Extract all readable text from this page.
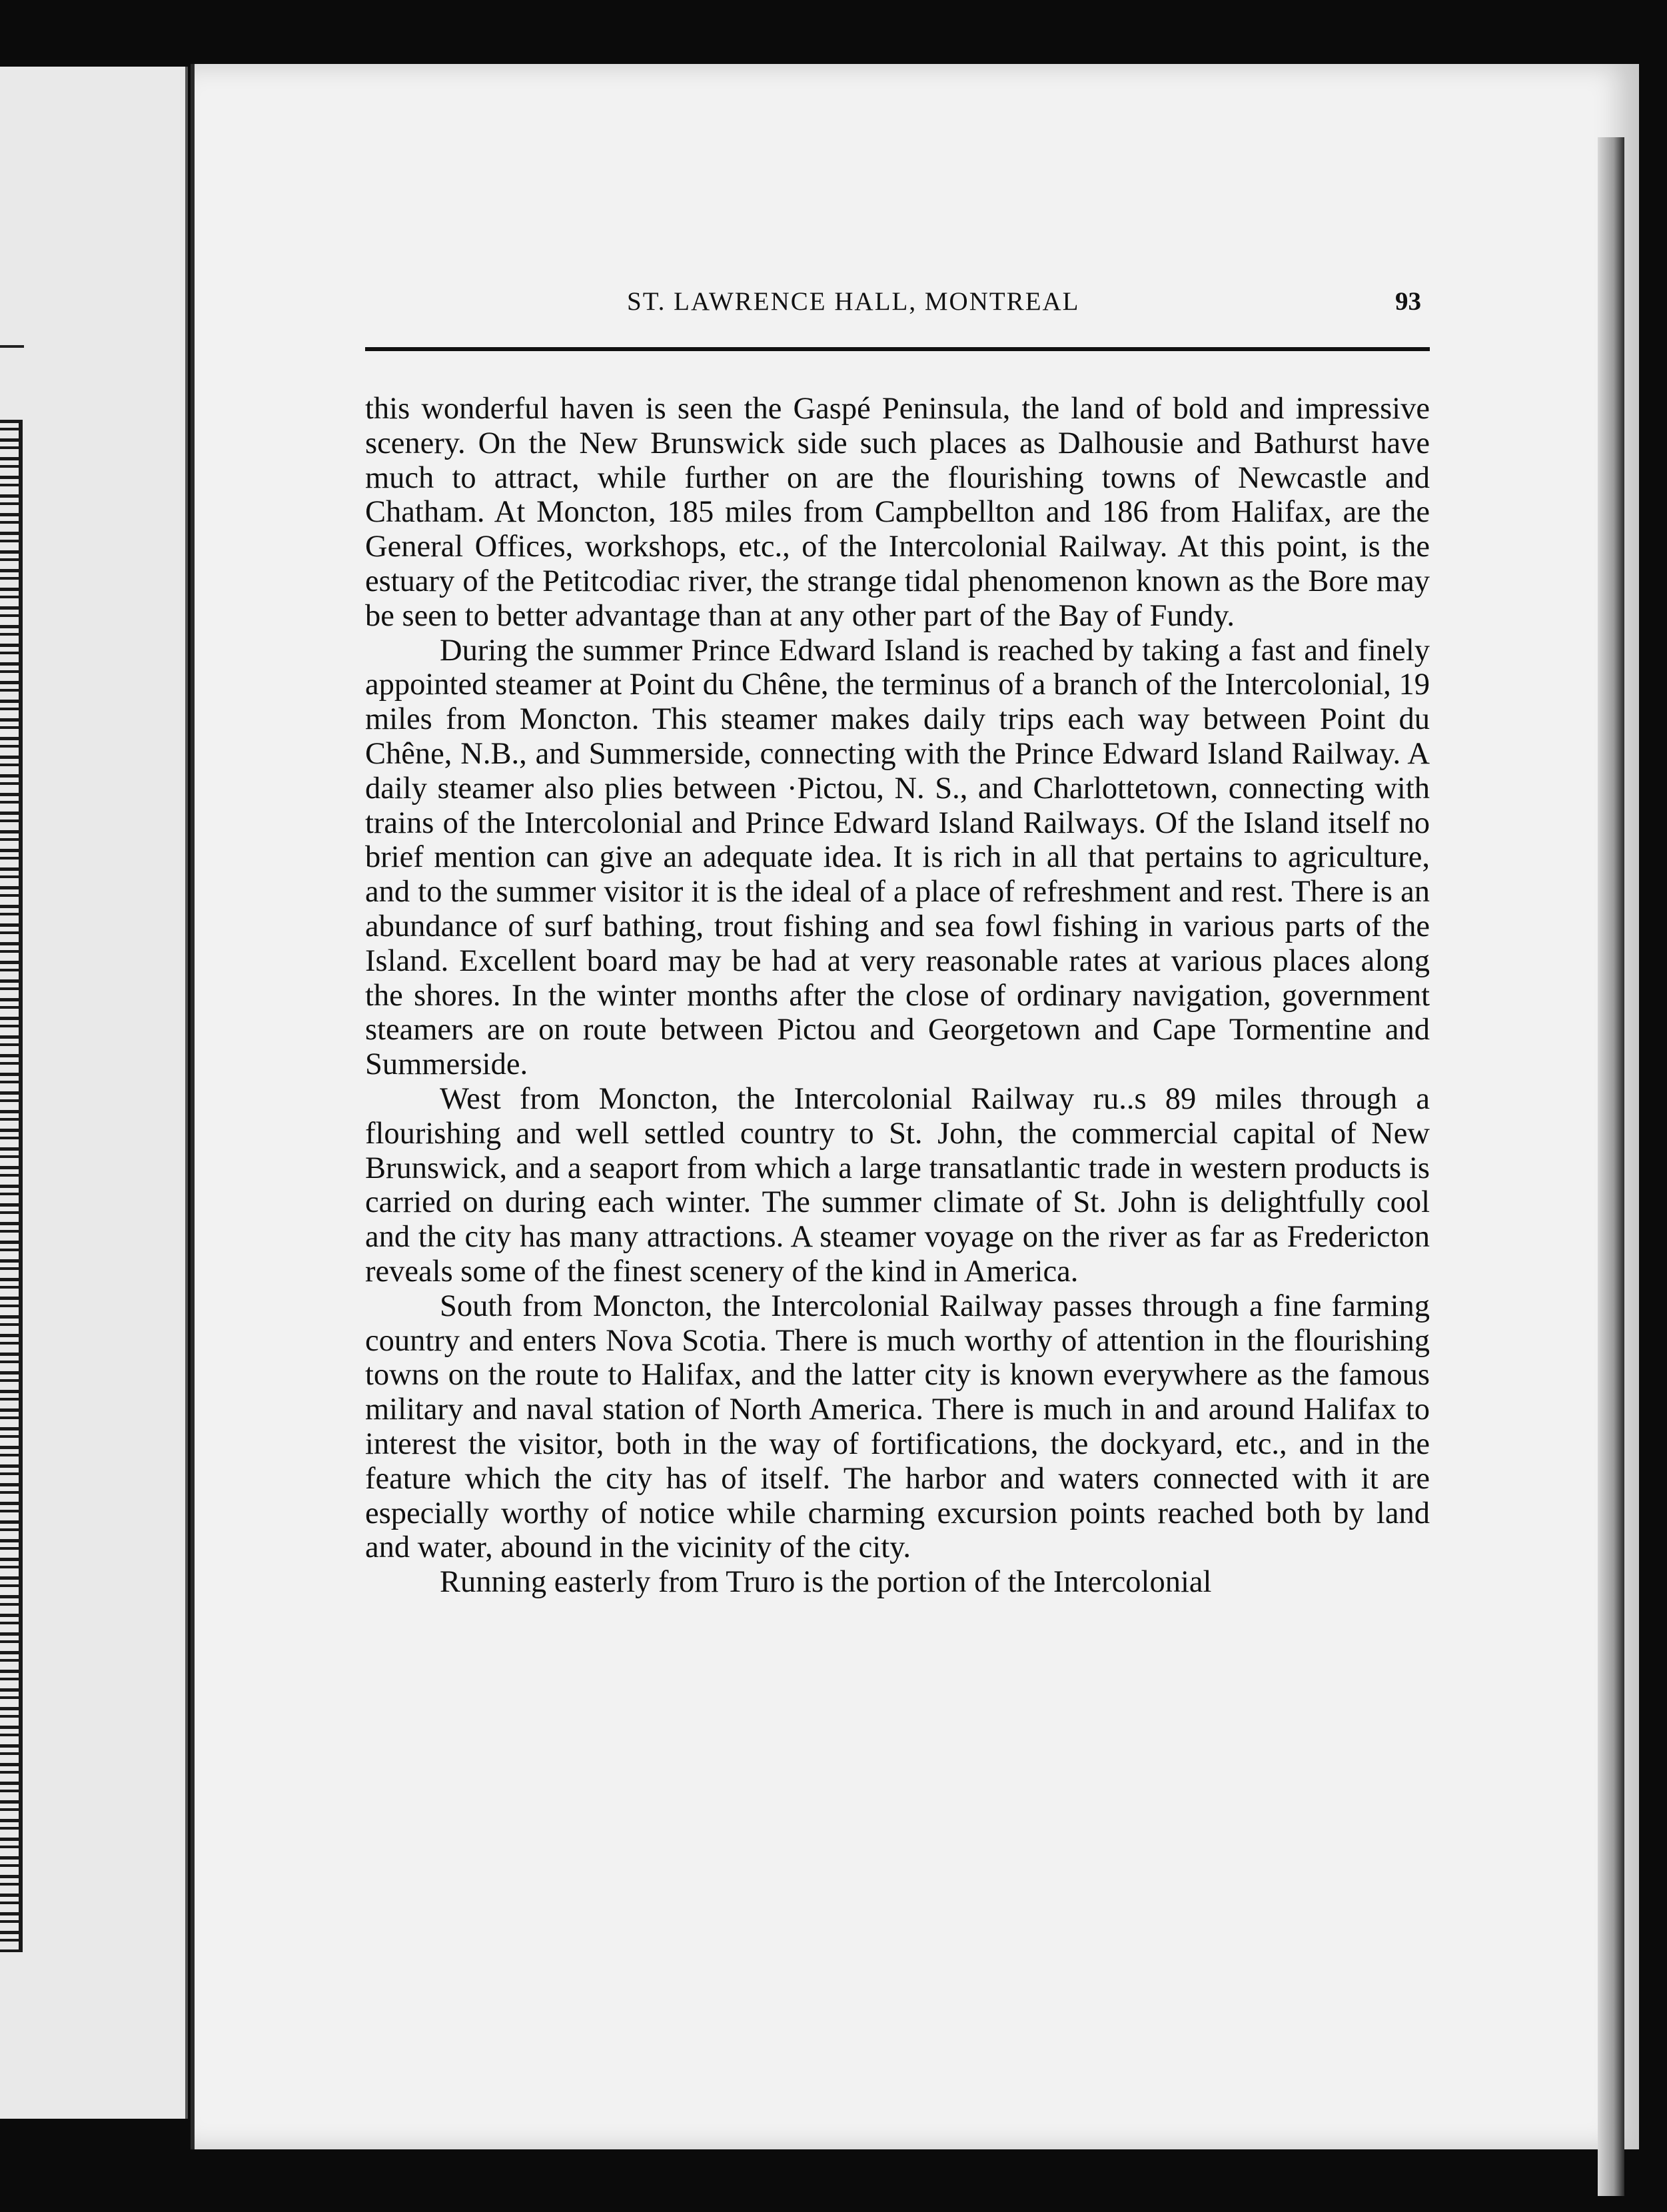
ST. LAWRENCE HALL, MONTREAL	93

this wonderful haven is seen the Gaspé Peninsula, the land of bold and impressive scenery. On the New Brunswick side such places as Dalhousie and Bathurst have much to attract, while further on are the flourishing towns of Newcastle and Chatham. At Moncton, 185 miles from Campbellton and 186 from Halifax, are the General Offices, workshops, etc., of the Intercolonial Railway. At this point, is the estuary of the Petitcodiac river, the strange tidal phenomenon known as the Bore may be seen to better advantage than at any other part of the Bay of Fundy.

During the summer Prince Edward Island is reached by taking a fast and finely appointed steamer at Point du Chêne, the terminus of a branch of the Intercolonial, 19 miles from Moncton. This steamer makes daily trips each way between Point du Chêne, N.B., and Summerside, connecting with the Prince Edward Island Railway. A daily steamer also plies between ·Pictou, N. S., and Charlottetown, connecting with trains of the Intercolonial and Prince Edward Island Railways. Of the Island itself no brief mention can give an adequate idea. It is rich in all that pertains to agriculture, and to the summer visitor it is the ideal of a place of refreshment and rest. There is an abundance of surf bathing, trout fishing and sea fowl fishing in various parts of the Island. Excellent board may be had at very reasonable rates at various places along the shores. In the winter months after the close of ordinary navigation, government steamers are on route between Pictou and Georgetown and Cape Tormentine and Summerside.

West from Moncton, the Intercolonial Railway ru..s 89 miles through a flourishing and well settled country to St. John, the commercial capital of New Brunswick, and a seaport from which a large transatlantic trade in western products is carried on during each winter. The summer climate of St. John is delightfully cool and the city has many attractions. A steamer voyage on the river as far as Fredericton reveals some of the finest scenery of the kind in America.

South from Moncton, the Intercolonial Railway passes through a fine farming country and enters Nova Scotia. There is much worthy of attention in the flourishing towns on the route to Halifax, and the latter city is known everywhere as the famous military and naval station of North America. There is much in and around Halifax to interest the visitor, both in the way of fortifications, the dockyard, etc., and in the feature which the city has of itself. The harbor and waters connected with it are especially worthy of notice while charming excursion points reached both by land and water, abound in the vicinity of the city.

Running easterly from Truro is the portion of the Intercolonial
